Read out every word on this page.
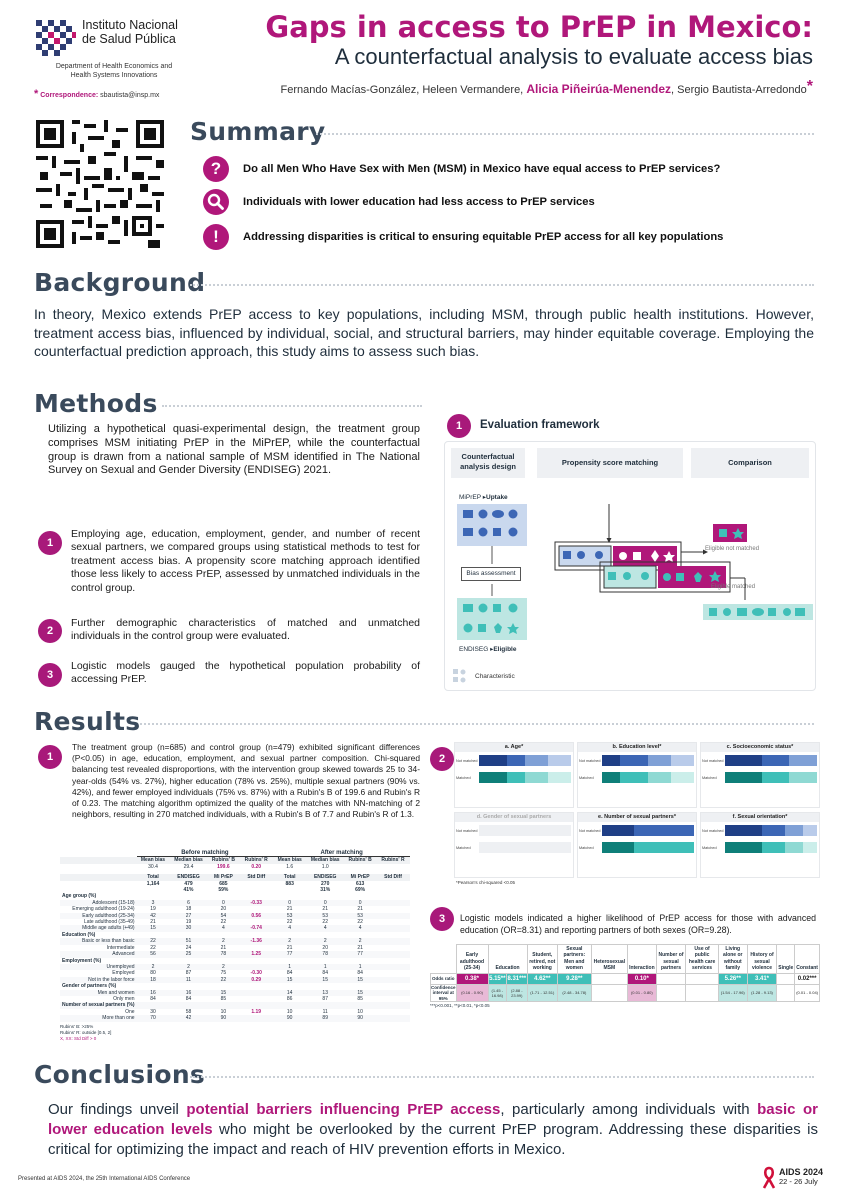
Instituto Nacional
de Salud Pública
Department of Health Economics and
Health Systems Innovations
* Correspondence: sbautista@insp.mx
Gaps in access to PrEP in Mexico:
A counterfactual analysis to evaluate access bias
Fernando Macías-González, Heleen Vermandere, Alicia Piñeirúa-Menendez, Sergio Bautista-Arredondo*
Summary
?	Do all Men Who Have Sex with Men (MSM) in Mexico have equal access to PrEP services?
Individuals with lower education had less access to PrEP services
!	Addressing disparities is critical to ensuring equitable PrEP access for all key populations
Background
In theory, Mexico extends PrEP access to key populations, including MSM, through public health institutions. However, treatment access bias, influenced by individual, social, and structural barriers, may hinder equitable coverage. Employing the counterfactual prediction approach, this study aims to assess such bias.
Methods
Utilizing a hypothetical quasi-experimental design, the treatment group comprises MSM initiating PrEP in the MiPrEP, while the counterfactual group is drawn from a national sample of MSM identified in The National Survey on Sexual and Gender Diversity (ENDISEG) 2021.
1
Employing age, education, employment, gender, and number of recent sexual partners, we compared groups using statistical methods to test for treatment access bias. A propensity score matching approach identified those less likely to access PrEP, assessed by unmatched individuals in the control group.
2
Further demographic characteristics of matched and unmatched individuals in the control group were evaluated.
3
Logistic models gauged the hypothetical population probability of accessing PrEP.
1	Evaluation framework
Counterfactual analysis design	Propensity score matching	Comparison
MiPrEP ▸Uptake
Bias assessment
ENDISEG ▸Eligible
Eligible not matched
Eligible matched
Characteristic
Results
1
The treatment group (n=685) and control group (n=479) exhibited significant differences (P<0.05) in age, education, employment, and sexual partner composition. Chi-squared balancing test revealed disproportions, with the intervention group skewed towards 25 to 34-year-olds (54% vs. 27%), higher education (78% vs. 25%), multiple sexual partners (90% vs. 42%), and fewer employed individuals (75% vs. 87%) with a Rubin's B of 199.6 and Rubin's R of 0.23. The matching algorithm optimized the quality of the matches with NN-matching of 2 neighbors, resulting in 270 matched individuals, with a Rubin's B of 7.7 and Rubin's R of 1.3.
	Before matching				After matching			
	Mean bias	Median bias	Rubins' B	Rubins' R	Mean bias	Median bias	Rubins' B	Rubins' R
	30.4	29.4	199.6	0.20	1.6	1.0		

	Total	ENDISEG	Mi PrEP	Std Diff	Total	ENDISEG	Mi PrEP	Std Diff
	1,164	479	685		883	270	613	
		41%	59%			31%	69%	
Age group (%)								
Adolescent (15-18)	3	6	0	-0.33	0	0	0	
Emerging adulthood (19-24)	19	18	20		21	21	21	
Early adulthood (25-34)	42	27	54	0.56	53	53	53	
Late adulthood (35-49)	21	19	22		22	22	22	
Middle age adults (+49)	15	30	4	-0.74	4	4	4	
Education (%)								
Basic or less than basic	22	51	2	-1.36	2	2	2	
Intermediate	22	24	21		21	20	21	
Advanced	56	25	78	1.25	77	78	77	
Employment (%)								
Unemployed	2	2	2		1	1	1	
Employed	80	87	75	-0.30	84	84	84	
Not in the labor force	18	11	22	0.29	15	15	15	
Gender of partners (%)								
Men and women	16	16	15		14	13	15	
Only men	84	84	85		86	87	85	
Number of sexual partners (%)								
One	30	58	10	1.19	10	11	10	
More than one	70	42	90		90	89	90	
Rubins' B: >25%
Rubins' R: outside [0.5, 2]
X, XX: Std Diff > 0
2
a. Age*
Not matched
Matched
b. Education level*
Not matched
Matched
c. Socioeconomic status*
Not matched
Matched
d. Gender of sexual partners
Not matched
Matched
e. Number of sexual partners*
Not matched
Matched
f. Sexual orientation*
Not matched
Matched
*Pearson's chi-squared <0.05
3	Logistic models indicated a higher likelihood of PrEP access for those with advanced education (OR=8.31) and reporting partners of both sexes (OR=9.28).
	Early adulthood (25-34)	Education		Student, retired, not working	Sexual partners: Men and women	Heterosexual MSM	Interaction	Number of sexual partners	Use of public health care services	Living alone or without family	History of sexual violence	Single	Constant
Odds ratio	0.38*	5.15**	8.31***	4.62**	9.28**		0.10*			5.26**	3.41*		0.02***
Confidence interval at 95%	(0.16 - 0.90)	(1.45 - 16.98)	(2.88 - 23.99)	(1.71 - 12.51)	(2.48 - 34.78)		(0.01 - 0.80)			(1.54 - 17.96)	(1.28 - 9.13)		(0.01 - 0.04)
***p<0.001, **p<0.01, *p<0.05
Conclusions
Our findings unveil potential barriers influencing PrEP access, particularly among individuals with basic or lower education levels who might be overlooked by the current PrEP program. Addressing these disparities is critical for optimizing the impact and reach of HIV prevention efforts in Mexico.
Presented at AIDS 2024, the 25th International AIDS Conference
AIDS 2024
22 - 26 July
